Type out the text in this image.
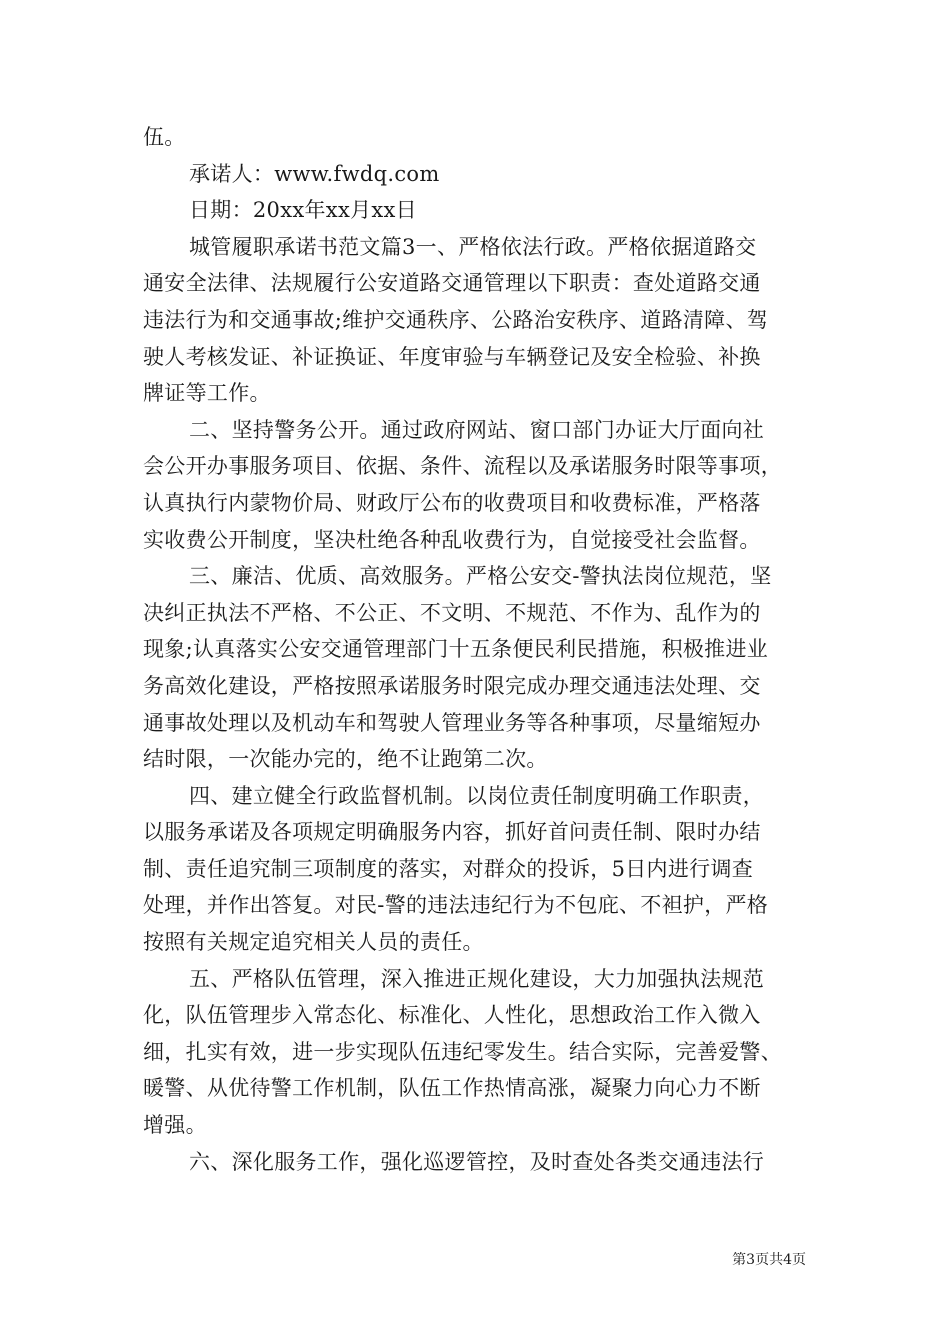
伍。
承诺人：www.fwdq.com
日期：20xx年xx月xx日
城管履职承诺书范文篇3一、严格依法行政。严格依据道路交
通安全法律、法规履行公安道路交通管理以下职责：查处道路交通
违法行为和交通事故;维护交通秩序、公路治安秩序、道路清障、驾
驶人考核发证、补证换证、年度审验与车辆登记及安全检验、补换
牌证等工作。
二、坚持警务公开。通过政府网站、窗口部门办证大厅面向社
会公开办事服务项目、依据、条件、流程以及承诺服务时限等事项，
认真执行内蒙物价局、财政厅公布的收费项目和收费标准，严格落
实收费公开制度，坚决杜绝各种乱收费行为，自觉接受社会监督。
三、廉洁、优质、高效服务。严格公安交-警执法岗位规范，坚
决纠正执法不严格、不公正、不文明、不规范、不作为、乱作为的
现象;认真落实公安交通管理部门十五条便民利民措施，积极推进业
务高效化建设，严格按照承诺服务时限完成办理交通违法处理、交
通事故处理以及机动车和驾驶人管理业务等各种事项，尽量缩短办
结时限，一次能办完的，绝不让跑第二次。
四、建立健全行政监督机制。以岗位责任制度明确工作职责，
以服务承诺及各项规定明确服务内容，抓好首问责任制、限时办结
制、责任追究制三项制度的落实，对群众的投诉，5日内进行调查
处理，并作出答复。对民-警的违法违纪行为不包庇、不袒护，严格
按照有关规定追究相关人员的责任。
五、严格队伍管理，深入推进正规化建设，大力加强执法规范
化，队伍管理步入常态化、标准化、人性化，思想政治工作入微入
细，扎实有效，进一步实现队伍违纪零发生。结合实际，完善爱警、
暖警、从优待警工作机制，队伍工作热情高涨，凝聚力向心力不断
增强。
六、深化服务工作，强化巡逻管控，及时查处各类交通违法行
第3页共4页
